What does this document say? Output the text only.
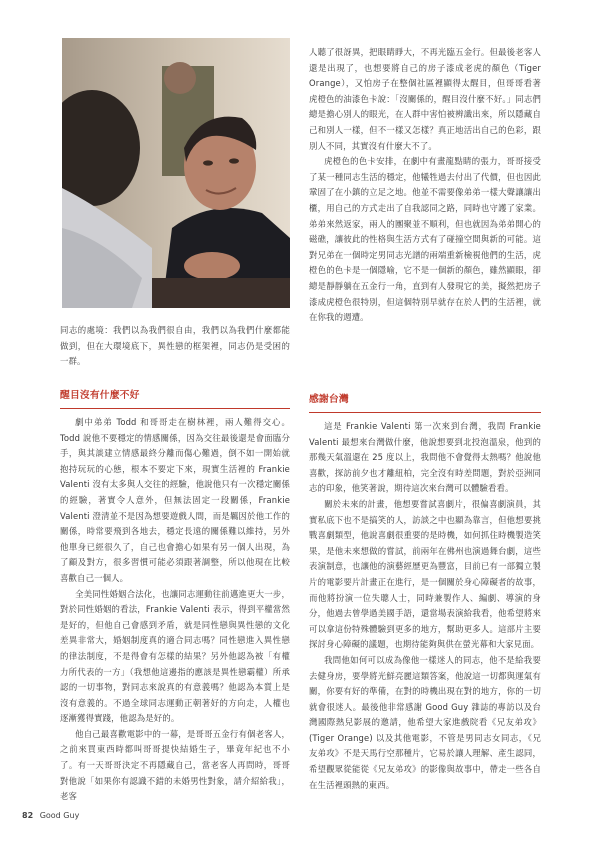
同志的處境：我們以為我們很自由，我們以為我們什麼都能做到，但在大環境底下，異性戀的框架裡，同志仍是受困的一群。

醒目沒有什麼不好

劇中弟弟 Todd 和哥哥走在樹林裡，兩人難得交心。Todd 說他不要穩定的情感關係，因為交往最後還是會面臨分手，與其談建立情感最終分離而傷心難過，倒不如一開始就抱持玩玩的心態，根本不要定下來，現實生活裡的 Frankie Valenti 沒有太多與人交往的經驗，他說他只有一次穩定關係的經驗，著實令人意外，但無法固定一段關係，Frankie Valenti 澄清並不是因為想要遊戲人間，而是羈因於他工作的關係，時常要飛到各地去，穩定長遠的關係難以維持，另外他單身已經很久了，自己也會擔心如果有另一個人出現，為了顧及對方，很多習慣可能必須跟著調整，所以他現在比較喜歡自己一個人。

全美同性婚姻合法化，也讓同志運動往前邁進更大一步，對於同性婚姻的看法，Frankie Valenti 表示，得到平權當然是好的，但他自己會感到矛盾，就是同性戀與異性戀的文化差異非常大，婚姻制度真的適合同志嗎？同性戀進入異性戀的律法制度，不是得會有怎樣的結果？另外他認為被「有權力所代表的一方」（我想他這邊指的應該是異性戀霸權）所承認的一切事物，對同志來說真的有意義嗎？他認為本質上是沒有意義的。不過全球同志運動正朝著好的方向走，人權也逐漸獲得實踐，他認為是好的。

他自己最喜歡電影中的一幕，是哥哥五金行有個老客人，之前來買東西時都叫哥哥提快結婚生子，畢竟年紀也不小了。有一天哥哥決定不再隱藏自己，當老客人再問時，哥哥對他說「如果你有認識不錯的未婚男性對象，請介紹給我」，老客

人聽了很訝異，把眼睛睜大，不再光臨五金行。但最後老客人還是出現了，也想要將自己的房子漆成老虎的顏色（Tiger Orange），又怕房子在整個社區裡顯得太醒目，但哥哥看著虎橙色的油漆色卡說：「沒關係的，醒目沒什麼不好。」同志們總是擔心別人的眼光，在人群中害怕被辨識出來，所以隱藏自己和別人一樣，但不一樣又怎樣？真正地活出自己的色彩，跟別人不同，其實沒有什麼大不了。

虎橙色的色卡安排，在劇中有畫龍點睛的張力，哥哥接受了某一種同志生活的穩定，他犧牲過去付出了代價，但也因此鞏固了在小鎮的立足之地。他並不需要像弟弟一樣大聲讓讓出櫃，用自己的方式走出了自我認同之路，同時也守護了家業。弟弟來然返家，兩人的團聚並不順利，但也就因為弟弟開心的磁礁，讓彼此的性格與生活方式有了碰撞空間與新的可能。這對兄弟在一個時定男同志光譜的兩端重新檢視他們的生活，虎橙色的色卡是一個隱喻，它不是一個新的顏色，雖然顯眼，卻總是靜靜躺在五金行一角，直到有人發現它的美，擬然把房子漆成虎橙色很特別，但這個特別早就存在於人們的生活裡，就在你我的週遭。

感謝台灣

這是 Frankie Valenti 第一次來到台灣，我問 Frankie Valenti 最想來台灣做什麼，他說想要到北投泡溫泉，他到的那幾天氣溫還在 25 度以上，我問他不會覺得太熱嗎？他說他喜歡，探訪前夕也才離紐柏，完全沒有時差問題，對於亞洲同志的印象，他笑著說，期待這次來台灣可以體驗看看。

關於未來的計畫，他想要嘗試喜劇片，很偏喜劇演員，其實私底下也不是搞笑的人，訪談之中也顯為靠言，但他想要挑戰喜劇類型，他說喜劇很重要的是時機，如何抓住時機製造笑果，是他未來想做的嘗試，前兩年在佛州也演過舞台劇，這些表演制意，也讓他的演藝經歷更為豐富，目前已有一部獨立製片的電影要片計畫正在進行，是一個關於身心障礙者的故事，而他將扮演一位失聰人士，同時兼製作人、編劇、導演的身分，他過去曾學過美國手語，還當場表演給我看，他希望將來可以拿這份特殊體驗到更多的地方，幫助更多人。這部片主要探討身心障礙的議題，也期待能夠與供在螢光幕和大家見面。

我問他如何可以成為像他一樣迷人的同志，他不是給我要去健身房，要學將光鮮亮麗這類答案，他說這一切都與運氣有關，你要有好的準備，在對的時機出現在對的地方，你的一切就會很迷人。最後他非常感謝 Good Guy 雜誌的專訪以及台灣國際熱兒影展的邀請，他希望大家進戲院看《兄友弟攻》(Tiger Orange) 以及其他電影，不管是男同志女同志，《兄友弟攻》不是天馬行空那種片，它易於讓人理解、產生認同，希望觀眾從能從《兄友弟攻》的影像與故事中，帶走一些各自在生活裡頭熱的東西。

82 Good Guy
